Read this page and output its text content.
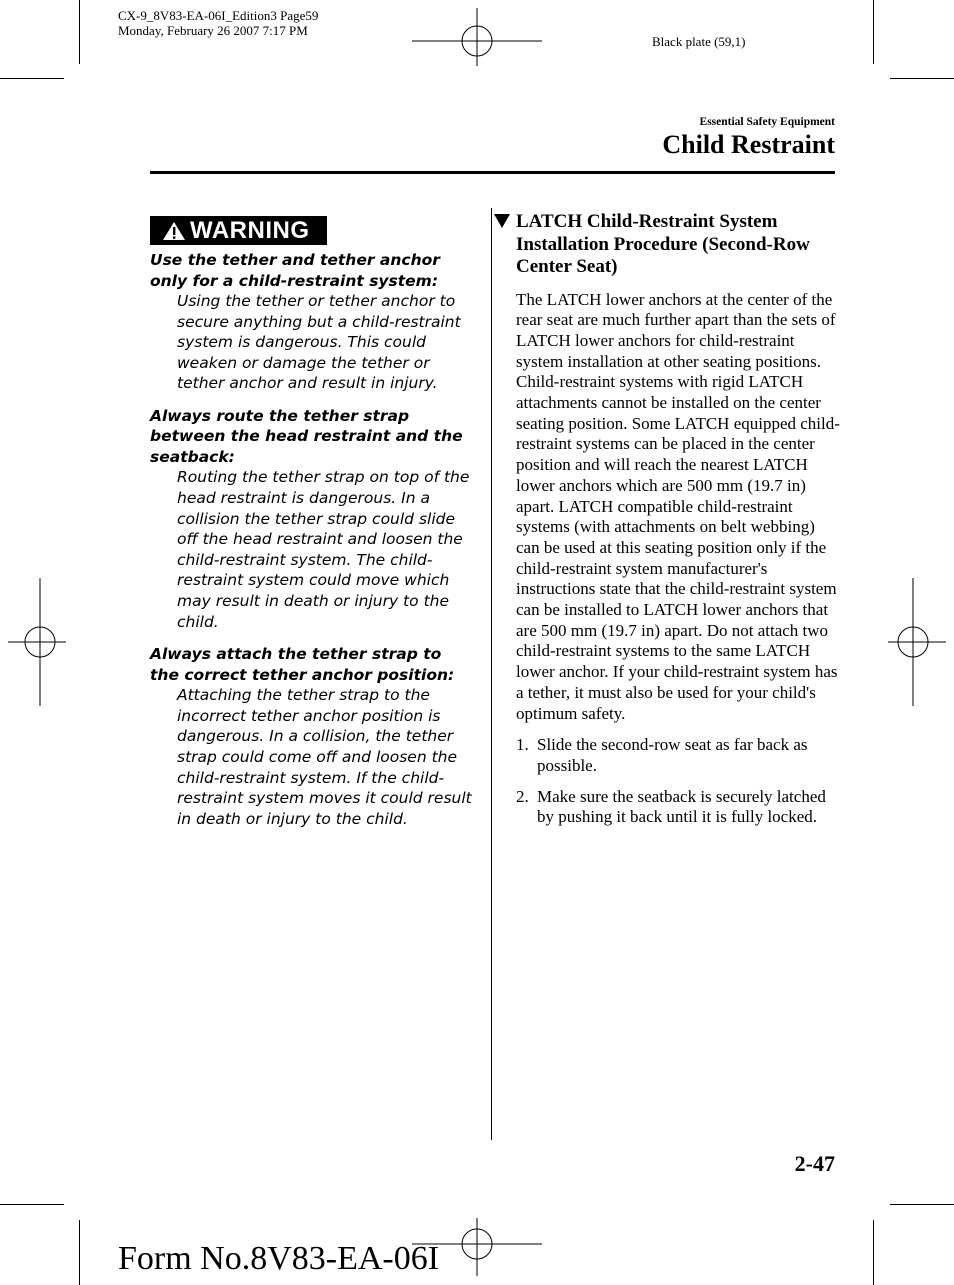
CX-9_8V83-EA-06I_Edition3 Page59
Monday, February 26 2007 7:17 PM
Black plate (59,1)
Essential Safety Equipment
Child Restraint
WARNING
Use the tether and tether anchor only for a child-restraint system:
Using the tether or tether anchor to secure anything but a child-restraint system is dangerous. This could weaken or damage the tether or tether anchor and result in injury.
Always route the tether strap between the head restraint and the seatback:
Routing the tether strap on top of the head restraint is dangerous. In a collision the tether strap could slide off the head restraint and loosen the child-restraint system. The child-restraint system could move which may result in death or injury to the child.
Always attach the tether strap to the correct tether anchor position:
Attaching the tether strap to the incorrect tether anchor position is dangerous. In a collision, the tether strap could come off and loosen the child-restraint system. If the child-restraint system moves it could result in death or injury to the child.
LATCH Child-Restraint System Installation Procedure (Second-Row Center Seat)
The LATCH lower anchors at the center of the rear seat are much further apart than the sets of LATCH lower anchors for child-restraint system installation at other seating positions. Child-restraint systems with rigid LATCH attachments cannot be installed on the center seating position. Some LATCH equipped child-restraint systems can be placed in the center position and will reach the nearest LATCH lower anchors which are 500 mm (19.7 in) apart. LATCH compatible child-restraint systems (with attachments on belt webbing) can be used at this seating position only if the child-restraint system manufacturer's instructions state that the child-restraint system can be installed to LATCH lower anchors that are 500 mm (19.7 in) apart. Do not attach two child-restraint systems to the same LATCH lower anchor. If your child-restraint system has a tether, it must also be used for your child's optimum safety.
1. Slide the second-row seat as far back as possible.
2. Make sure the seatback is securely latched by pushing it back until it is fully locked.
2-47
Form No.8V83-EA-06I
